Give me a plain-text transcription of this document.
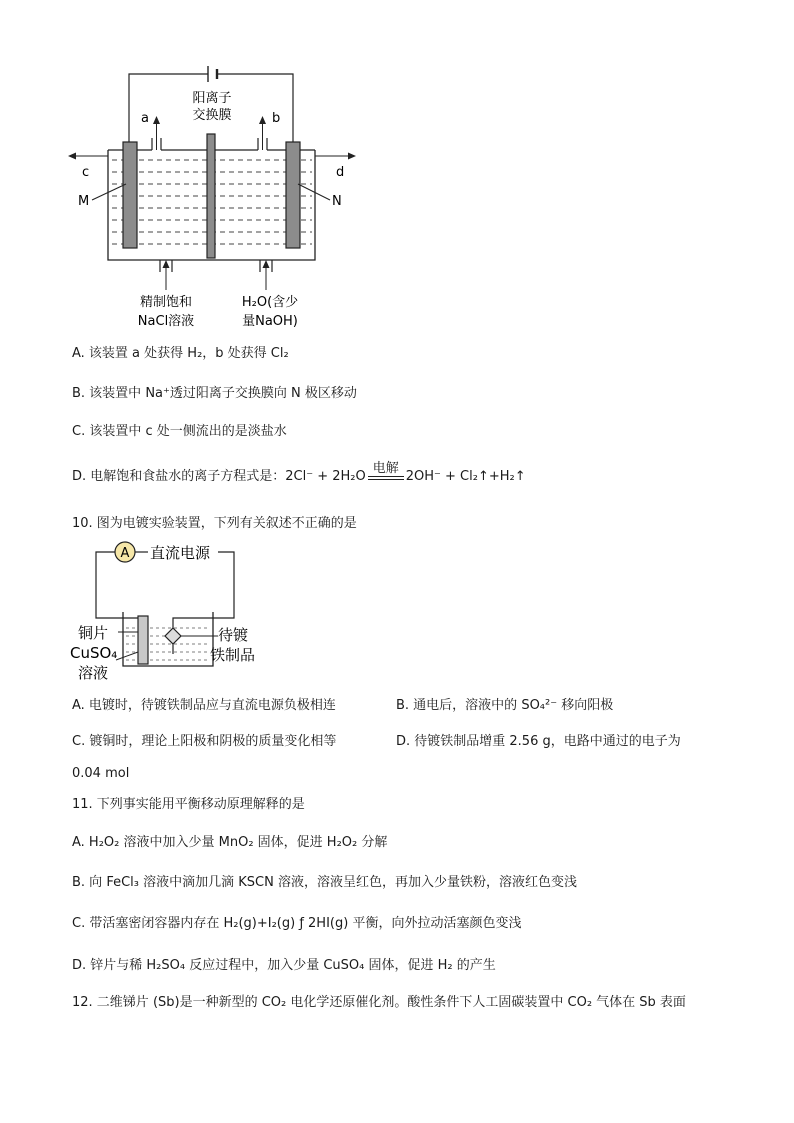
阳离子
交换膜
a	b
c	d
M	N
精制饱和
NaCl溶液
H₂O(含少
量NaOH)
A. 该装置 a 处获得 H₂，b 处获得 Cl₂
B. 该装置中 Na⁺透过阳离子交换膜向 N 极区移动
C. 该装置中 c 处一侧流出的是淡盐水
D. 电解饱和食盐水的离子方程式是：2Cl⁻ + 2H₂O
电解
2OH⁻ + Cl₂↑+H₂↑
10. 图为电镀实验装置，下列有关叙述不正确的是
A 直流电源
铜片
CuSO₄
溶液
待镀
铁制品
A. 电镀时，待镀铁制品应与直流电源负极相连	B. 通电后，溶液中的 SO₄²⁻ 移向阳极
C. 镀铜时，理论上阳极和阴极的质量变化相等	D. 待镀铁制品增重 2.56 g，电路中通过的电子为
0.04 mol
11. 下列事实能用平衡移动原理解释的是
A. H₂O₂ 溶液中加入少量 MnO₂ 固体，促进 H₂O₂ 分解
B. 向 FeCl₃ 溶液中滴加几滴 KSCN 溶液，溶液呈红色，再加入少量铁粉，溶液红色变浅
C. 带活塞密闭容器内存在 H₂(g)+I₂(g) ƒ 2HI(g) 平衡，向外拉动活塞颜色变浅
D. 锌片与稀 H₂SO₄ 反应过程中，加入少量 CuSO₄ 固体，促进 H₂ 的产生
12. 二维锑片 (Sb)是一种新型的 CO₂ 电化学还原催化剂。酸性条件下人工固碳装置中 CO₂ 气体在 Sb 表面
